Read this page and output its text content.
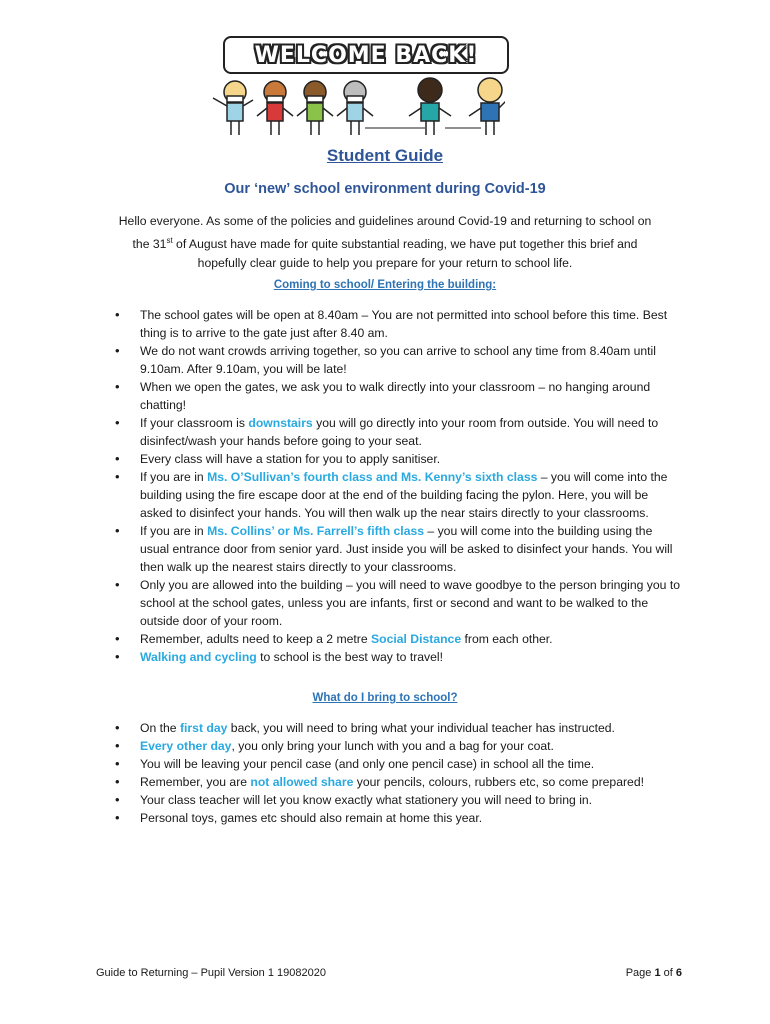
WELCOME BACK!
Student Guide
Our ‘new’ school environment during Covid-19
Hello everyone. As some of the policies and guidelines around Covid-19 and returning to school on
the 31st of August have made for quite substantial reading, we have put together this brief and
hopefully clear guide to help you prepare for your return to school life.
Coming to school/ Entering the building:
• The school gates will be open at 8.40am – You are not permitted into school before this time. Best thing is to arrive to the gate just after 8.40 am.
• We do not want crowds arriving together, so you can arrive to school any time from 8.40am until 9.10am. After 9.10am, you will be late!
• When we open the gates, we ask you to walk directly into your classroom – no hanging around chatting!
• If your classroom is downstairs you will go directly into your room from outside. You will need to disinfect/wash your hands before going to your seat.
• Every class will have a station for you to apply sanitiser.
• If you are in Ms. O’Sullivan’s fourth class and Ms. Kenny’s sixth class – you will come into the building using the fire escape door at the end of the building facing the pylon. Here, you will be asked to disinfect your hands. You will then walk up the near stairs directly to your classrooms.
• If you are in Ms. Collins’ or Ms. Farrell’s fifth class – you will come into the building using the usual entrance door from senior yard. Just inside you will be asked to disinfect your hands. You will then walk up the nearest stairs directly to your classrooms.
• Only you are allowed into the building – you will need to wave goodbye to the person bringing you to school at the school gates, unless you are infants, first or second and want to be walked to the outside door of your room.
• Remember, adults need to keep a 2 metre Social Distance from each other.
• Walking and cycling to school is the best way to travel!
What do I bring to school?
• On the first day back, you will need to bring what your individual teacher has instructed.
• Every other day, you only bring your lunch with you and a bag for your coat.
• You will be leaving your pencil case (and only one pencil case) in school all the time.
• Remember, you are not allowed share your pencils, colours, rubbers etc, so come prepared!
• Your class teacher will let you know exactly what stationery you will need to bring in.
• Personal toys, games etc should also remain at home this year.
Guide to Returning – Pupil Version 1 19082020	Page 1 of 6
